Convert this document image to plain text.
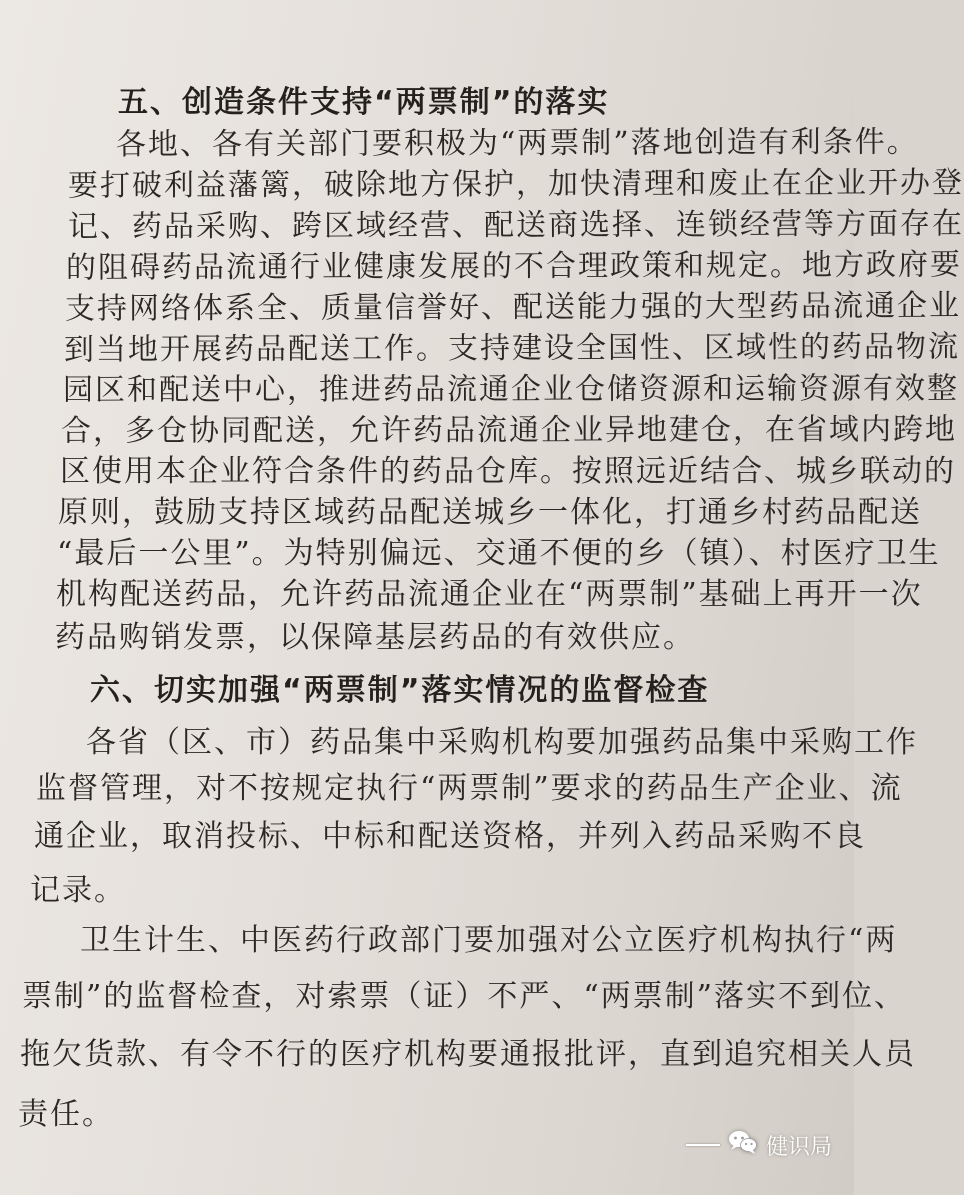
五、创造条件支持“两票制”的落实
各地、各有关部门要积极为“两票制”落地创造有利条件。
要打破利益藩篱，破除地方保护，加快清理和废止在企业开办登
记、药品采购、跨区域经营、配送商选择、连锁经营等方面存在
的阻碍药品流通行业健康发展的不合理政策和规定。地方政府要
支持网络体系全、质量信誉好、配送能力强的大型药品流通企业
到当地开展药品配送工作。支持建设全国性、区域性的药品物流
园区和配送中心，推进药品流通企业仓储资源和运输资源有效整
合，多仓协同配送，允许药品流通企业异地建仓，在省域内跨地
区使用本企业符合条件的药品仓库。按照远近结合、城乡联动的
原则，鼓励支持区域药品配送城乡一体化，打通乡村药品配送
“最后一公里”。为特别偏远、交通不便的乡（镇）、村医疗卫生
机构配送药品，允许药品流通企业在“两票制”基础上再开一次
药品购销发票，以保障基层药品的有效供应。
六、切实加强“两票制”落实情况的监督检查
各省（区、市）药品集中采购机构要加强药品集中采购工作
监督管理，对不按规定执行“两票制”要求的药品生产企业、流
通企业，取消投标、中标和配送资格，并列入药品采购不良
记录。
卫生计生、中医药行政部门要加强对公立医疗机构执行“两
票制”的监督检查，对索票（证）不严、“两票制”落实不到位、
拖欠货款、有令不行的医疗机构要通报批评，直到追究相关人员
责任。
健识局
